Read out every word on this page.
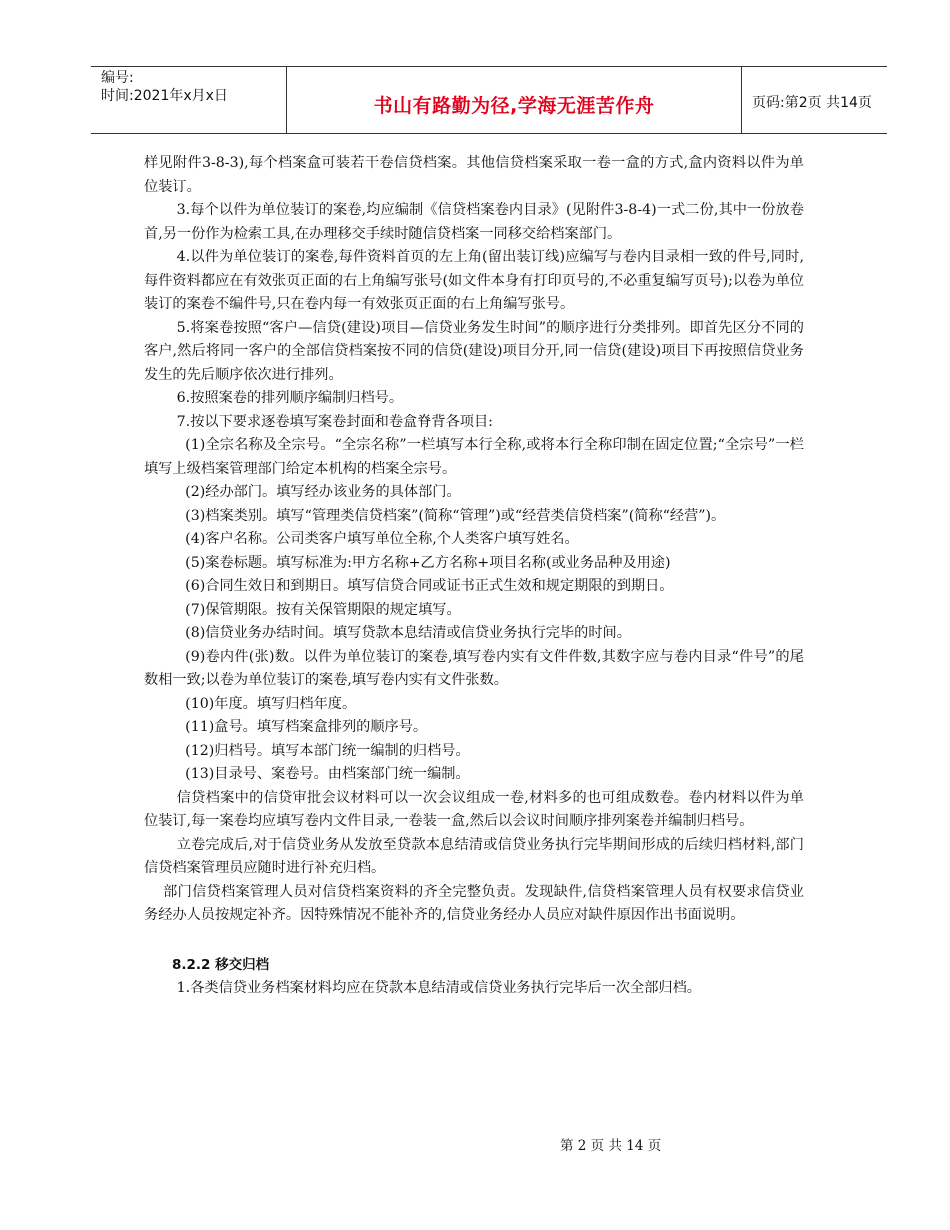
编号:
时间:2021年x月x日	书山有路勤为径,学海无涯苦作舟	页码:第2页 共14页

样见附件3-8-3),每个档案盒可装若干卷信贷档案。其他信贷档案采取一卷一盒的方式,盒内资料以件为单位装订。

3.每个以件为单位装订的案卷,均应编制《信贷档案卷内目录》(见附件3-8-4)一式二份,其中一份放卷首,另一份作为检索工具,在办理移交手续时随信贷档案一同移交给档案部门。

4.以件为单位装订的案卷,每件资料首页的左上角(留出装订线)应编写与卷内目录相一致的件号,同时,每件资料都应在有效张页正面的右上角编写张号(如文件本身有打印页号的,不必重复编写页号);以卷为单位装订的案卷不编件号,只在卷内每一有效张页正面的右上角编写张号。

5.将案卷按照“客户—信贷(建设)项目—信贷业务发生时间”的顺序进行分类排列。即首先区分不同的客户,然后将同一客户的全部信贷档案按不同的信贷(建设)项目分开,同一信贷(建设)项目下再按照信贷业务发生的先后顺序依次进行排列。

6.按照案卷的排列顺序编制归档号。

7.按以下要求逐卷填写案卷封面和卷盒脊背各项目:

(1)全宗名称及全宗号。“全宗名称”一栏填写本行全称,或将本行全称印制在固定位置;“全宗号”一栏填写上级档案管理部门给定本机构的档案全宗号。

(2)经办部门。填写经办该业务的具体部门。

(3)档案类别。填写“管理类信贷档案”(简称“管理”)或“经营类信贷档案”(简称“经营”)。

(4)客户名称。公司类客户填写单位全称,个人类客户填写姓名。

(5)案卷标题。填写标准为:甲方名称+乙方名称+项目名称(或业务品种及用途)

(6)合同生效日和到期日。填写信贷合同或证书正式生效和规定期限的到期日。

(7)保管期限。按有关保管期限的规定填写。

(8)信贷业务办结时间。填写贷款本息结清或信贷业务执行完毕的时间。

(9)卷内件(张)数。以件为单位装订的案卷,填写卷内实有文件件数,其数字应与卷内目录“件号”的尾数相一致;以卷为单位装订的案卷,填写卷内实有文件张数。

(10)年度。填写归档年度。

(11)盒号。填写档案盒排列的顺序号。

(12)归档号。填写本部门统一编制的归档号。

(13)目录号、案卷号。由档案部门统一编制。

信贷档案中的信贷审批会议材料可以一次会议组成一卷,材料多的也可组成数卷。卷内材料以件为单位装订,每一案卷均应填写卷内文件目录,一卷装一盒,然后以会议时间顺序排列案卷并编制归档号。

立卷完成后,对于信贷业务从发放至贷款本息结清或信贷业务执行完毕期间形成的后续归档材料,部门信贷档案管理员应随时进行补充归档。

部门信贷档案管理人员对信贷档案资料的齐全完整负责。发现缺件,信贷档案管理人员有权要求信贷业务经办人员按规定补齐。因特殊情况不能补齐的,信贷业务经办人员应对缺件原因作出书面说明。

8.2.2 移交归档

1.各类信贷业务档案材料均应在贷款本息结清或信贷业务执行完毕后一次全部归档。

第 2 页 共 14 页
